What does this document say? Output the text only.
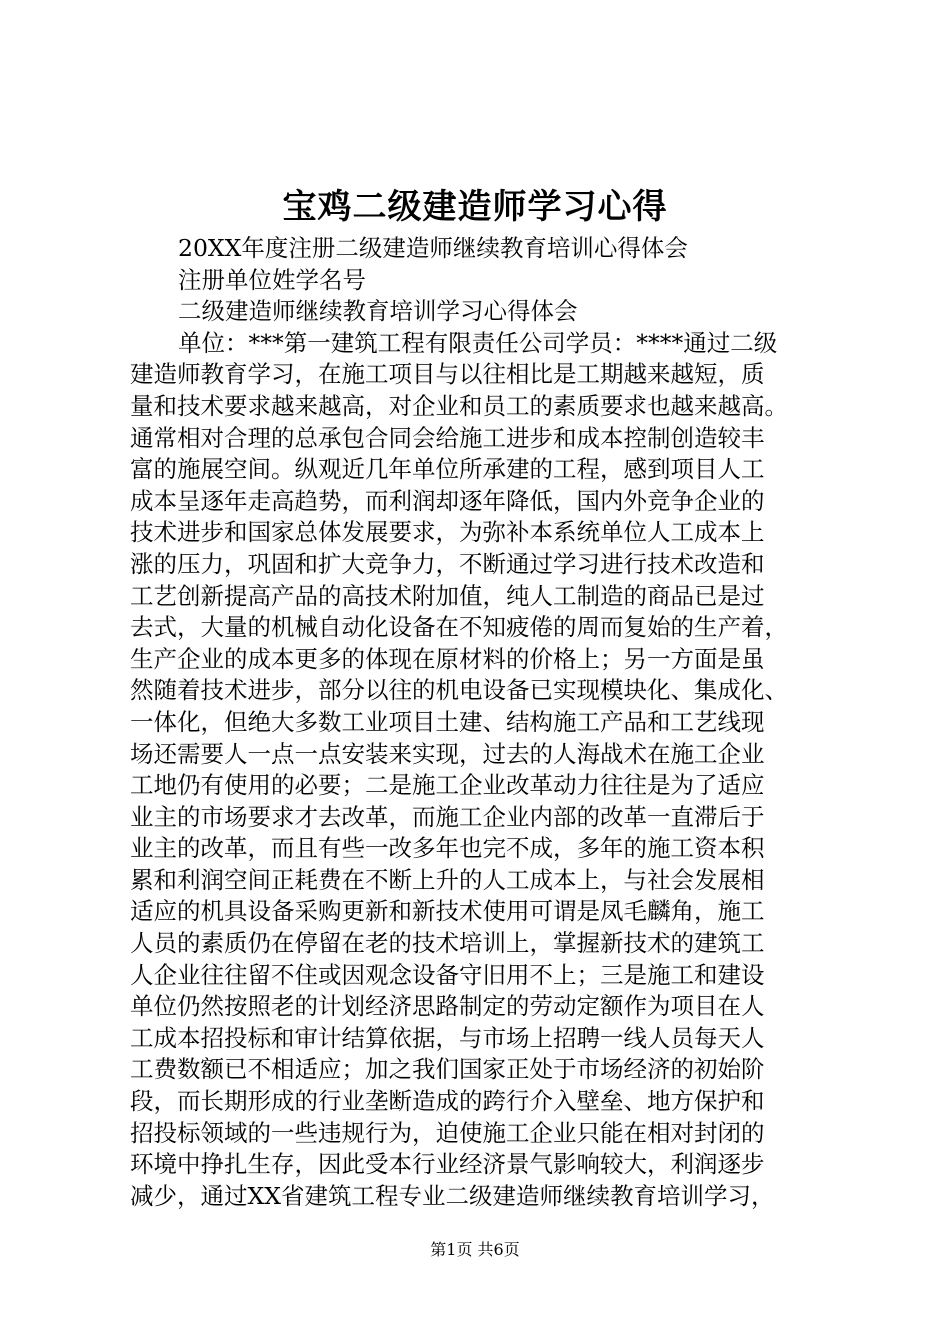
宝鸡二级建造师学习心得
20XX年度注册二级建造师继续教育培训心得体会
注册单位姓学名号
二级建造师继续教育培训学习心得体会
单位：***第一建筑工程有限责任公司学员：****通过二级
建造师教育学习，在施工项目与以往相比是工期越来越短，质
量和技术要求越来越高，对企业和员工的素质要求也越来越高。
通常相对合理的总承包合同会给施工进步和成本控制创造较丰
富的施展空间。纵观近几年单位所承建的工程，感到项目人工
成本呈逐年走高趋势，而利润却逐年降低，国内外竞争企业的
技术进步和国家总体发展要求，为弥补本系统单位人工成本上
涨的压力，巩固和扩大竞争力，不断通过学习进行技术改造和
工艺创新提高产品的高技术附加值，纯人工制造的商品已是过
去式，大量的机械自动化设备在不知疲倦的周而复始的生产着，
生产企业的成本更多的体现在原材料的价格上；另一方面是虽
然随着技术进步，部分以往的机电设备已实现模块化、集成化、
一体化，但绝大多数工业项目土建、结构施工产品和工艺线现
场还需要人一点一点安装来实现，过去的人海战术在施工企业
工地仍有使用的必要；二是施工企业改革动力往往是为了适应
业主的市场要求才去改革，而施工企业内部的改革一直滞后于
业主的改革，而且有些一改多年也完不成，多年的施工资本积
累和利润空间正耗费在不断上升的人工成本上，与社会发展相
适应的机具设备采购更新和新技术使用可谓是凤毛麟角，施工
人员的素质仍在停留在老的技术培训上，掌握新技术的建筑工
人企业往往留不住或因观念设备守旧用不上；三是施工和建设
单位仍然按照老的计划经济思路制定的劳动定额作为项目在人
工成本招投标和审计结算依据，与市场上招聘一线人员每天人
工费数额已不相适应；加之我们国家正处于市场经济的初始阶
段，而长期形成的行业垄断造成的跨行介入壁垒、地方保护和
招投标领域的一些违规行为，迫使施工企业只能在相对封闭的
环境中挣扎生存，因此受本行业经济景气影响较大，利润逐步
减少，通过XX省建筑工程专业二级建造师继续教育培训学习，
第1页 共6页
